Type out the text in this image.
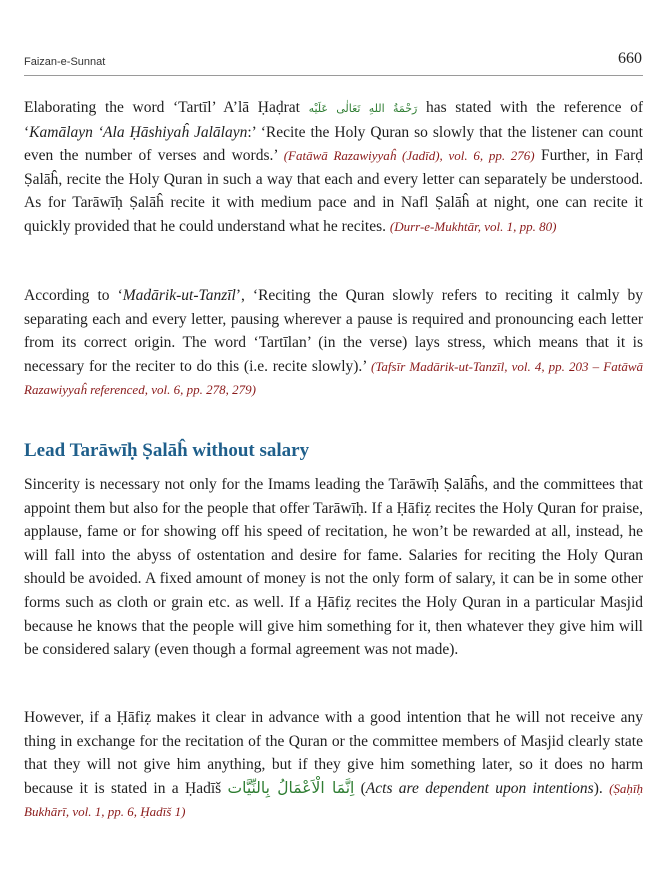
Faizan-e-Sunnat	660

Elaborating the word ‘Tartīl’ A’lā Ḥaḍrat رَحْمَةُ اللهِ تَعَالٰی عَلَیْه has stated with the reference of ‘Kamālayn ‘Ala Ḥāshiyaĥ Jalālayn:’ ‘Recite the Holy Quran so slowly that the listener can count even the number of verses and words.’ (Fatāwā Razawiyyaĥ (Jadīd), vol. 6, pp. 276) Further, in Farḍ Ṣalāĥ, recite the Holy Quran in such a way that each and every letter can separately be understood. As for Tarāwīḥ Ṣalāĥ recite it with medium pace and in Nafl Ṣalāĥ at night, one can recite it quickly provided that he could understand what he recites. (Durr-e-Mukhtār, vol. 1, pp. 80)

According to ‘Madārik-ut-Tanzīl’, ‘Reciting the Quran slowly refers to reciting it calmly by separating each and every letter, pausing wherever a pause is required and pronouncing each letter from its correct origin. The word ‘Tartīlan’ (in the verse) lays stress, which means that it is necessary for the reciter to do this (i.e. recite slowly).’ (Tafsīr Madārik-ut-Tanzīl, vol. 4, pp. 203 – Fatāwā Razawiyyaĥ referenced, vol. 6, pp. 278, 279)

Lead Tarāwīḥ Ṣalāĥ without salary

Sincerity is necessary not only for the Imams leading the Tarāwīḥ Ṣalāĥs, and the committees that appoint them but also for the people that offer Tarāwīḥ. If a Ḥāfiẓ recites the Holy Quran for praise, applause, fame or for showing off his speed of recitation, he won’t be rewarded at all, instead, he will fall into the abyss of ostentation and desire for fame. Salaries for reciting the Holy Quran should be avoided. A fixed amount of money is not the only form of salary, it can be in some other forms such as cloth or grain etc. as well. If a Ḥāfiẓ recites the Holy Quran in a particular Masjid because he knows that the people will give him something for it, then whatever they give him will be considered salary (even though a formal agreement was not made).

However, if a Ḥāfiẓ makes it clear in advance with a good intention that he will not receive any thing in exchange for the recitation of the Quran or the committee members of Masjid clearly state that they will not give him anything, but if they give him something later, so it does no harm because it is stated in a Ḥadīš اِنَّمَا الْاَعْمَالُ بِالنِّیَّات (Acts are dependent upon intentions). (Ṣaḥīḥ Bukhārī, vol. 1, pp. 6, Ḥadīš 1)
